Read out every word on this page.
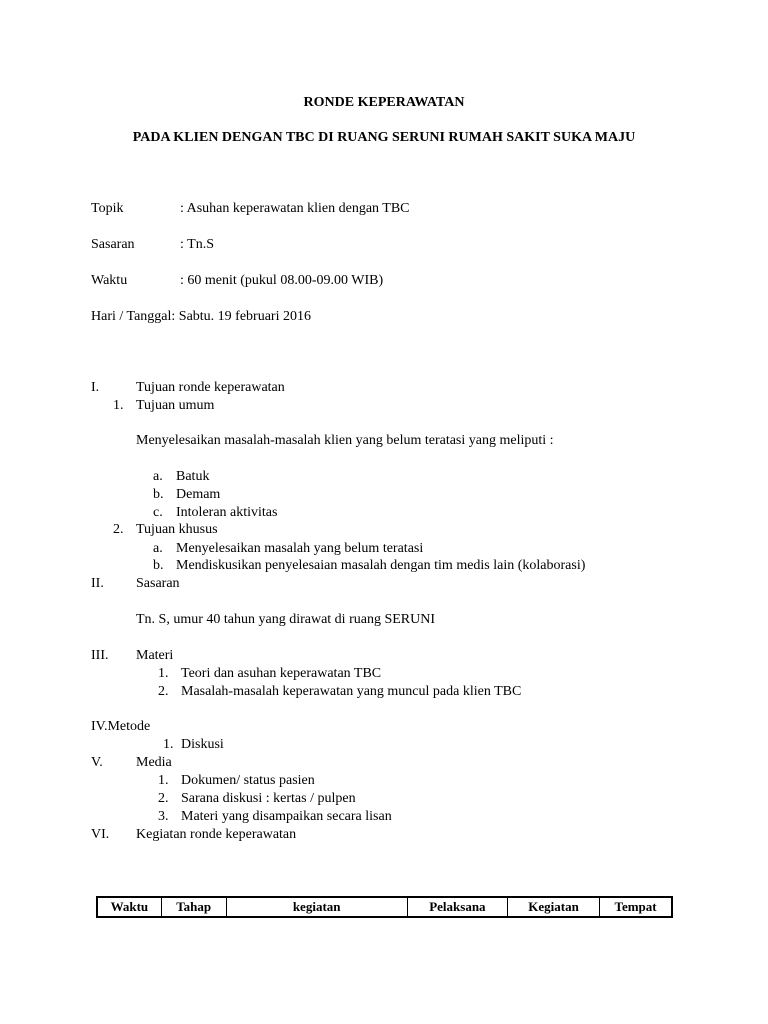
RONDE KEPERAWATAN
PADA KLIEN DENGAN TBC DI RUANG SERUNI RUMAH SAKIT SUKA MAJU
Topik	: Asuhan keperawatan klien dengan TBC
Sasaran	: Tn.S
Waktu	: 60 menit (pukul 08.00-09.00 WIB)
Hari / Tanggal: Sabtu. 19 februari 2016
I.	Tujuan ronde keperawatan
1. Tujuan umum
Menyelesaikan masalah-masalah klien yang belum teratasi yang meliputi :
a. Batuk
b. Demam
c. Intoleran aktivitas
2. Tujuan khusus
a. Menyelesaikan masalah yang belum teratasi
b. Mendiskusikan penyelesaian masalah dengan tim medis lain (kolaborasi)
II. Sasaran
Tn. S, umur 40 tahun yang dirawat di ruang SERUNI
III. Materi
1. Teori dan asuhan keperawatan TBC
2. Masalah-masalah keperawatan yang muncul pada klien TBC
IV.Metode
1. Diskusi
V. Media
1. Dokumen/ status pasien
2. Sarana diskusi : kertas / pulpen
3. Materi yang disampaikan secara lisan
VI. Kegiatan ronde keperawatan
Waktu	Tahap	kegiatan	Pelaksana	Kegiatan	Tempat
